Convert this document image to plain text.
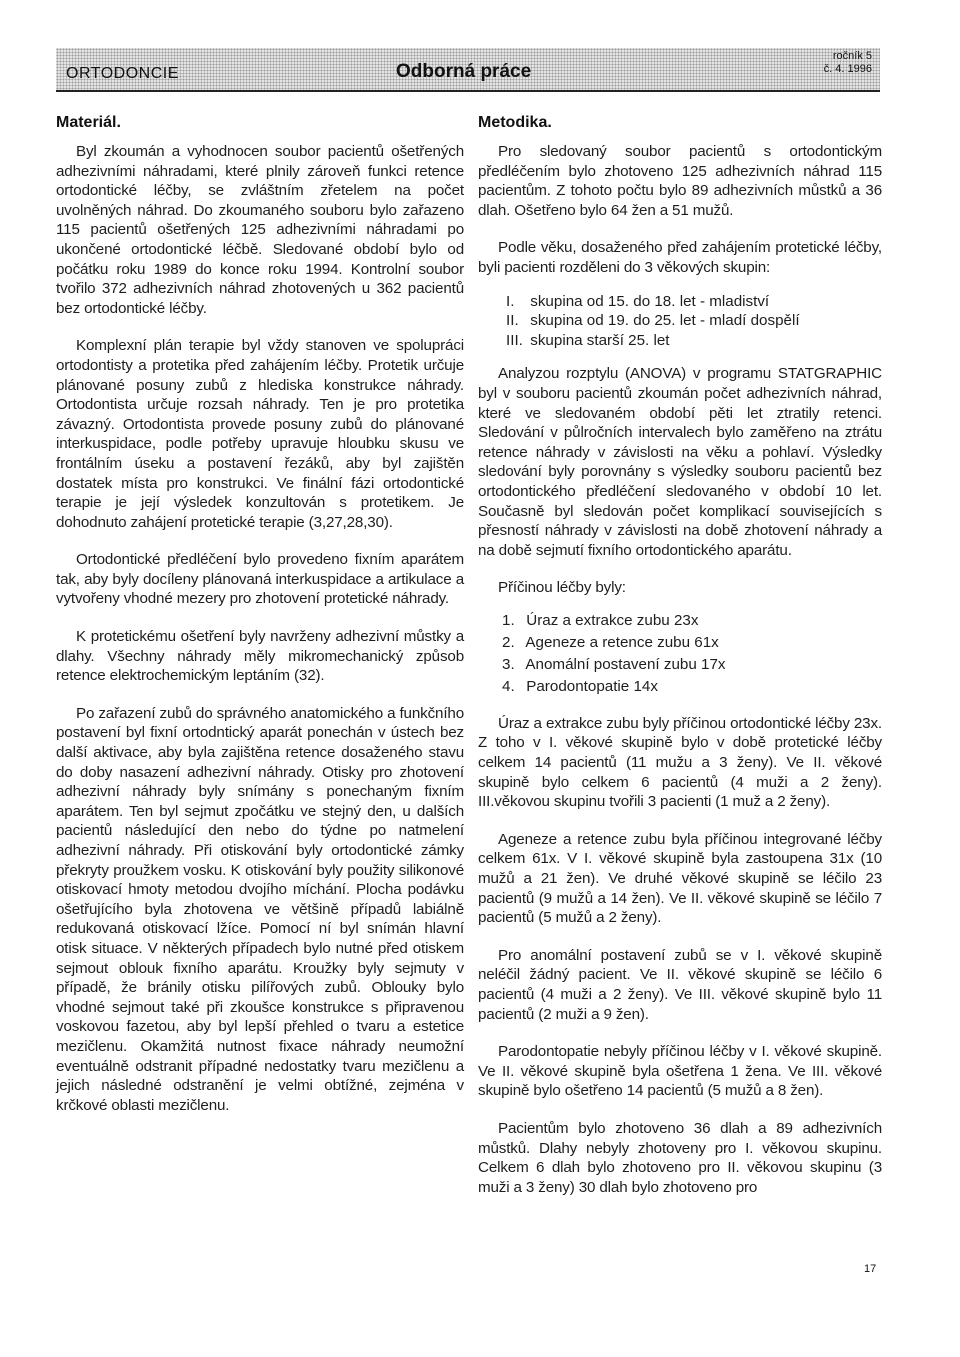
ORTODONCIE	Odborná práce
ročník 5
č. 4. 1996
Materiál.

Byl zkoumán a vyhodnocen soubor pacientů ošetřených adhezivními náhradami, které plnily zároveň funkci retence ortodontické léčby, se zvláštním zřetelem na počet uvolněných náhrad. Do zkoumaného souboru bylo zařazeno 115 pacientů ošetřených 125 adhezivními náhradami po ukončené ortodontické léčbě. Sledované období bylo od počátku roku 1989 do konce roku 1994. Kontrolní soubor tvořilo 372 adhezivních náhrad zhotovených u 362 pacientů bez ortodontické léčby.

Komplexní plán terapie byl vždy stanoven ve spolupráci ortodontisty a protetika před zahájením léčby. Protetik určuje plánované posuny zubů z hlediska konstrukce náhrady. Ortodontista určuje rozsah náhrady. Ten je pro protetika závazný. Ortodontista provede posuny zubů do plánované interkuspidace, podle potřeby upravuje hloubku skusu ve frontálním úseku a postavení řezáků, aby byl zajištěn dostatek místa pro konstrukci. Ve finální fázi ortodontické terapie je její výsledek konzultován s protetikem. Je dohodnuto zahájení protetické terapie (3,27,28,30).

Ortodontické předléčení bylo provedeno fixním aparátem tak, aby byly docíleny plánovaná interkuspidace a artikulace a vytvořeny vhodné mezery pro zhotovení protetické náhrady.

K protetickému ošetření byly navrženy adhezivní můstky a dlahy. Všechny náhrady měly mikromechanický způsob retence elektrochemickým leptáním (32).

Po zařazení zubů do správného anatomického a funkčního postavení byl fixní ortodntický aparát ponechán v ústech bez další aktivace, aby byla zajištěna retence dosaženého stavu do doby nasazení adhezivní náhrady. Otisky pro zhotovení adhezivní náhrady byly snímány s ponechaným fixním aparátem. Ten byl sejmut zpočátku ve stejný den, u dalších pacientů následující den nebo do týdne po natmelení adhezivní náhrady. Při otiskování byly ortodontické zámky překryty proužkem vosku. K otiskování byly použity silikonové otiskovací hmoty metodou dvojího míchání. Plocha podávku ošetřujícího byla zhotovena ve většině případů labiálně redukovaná otiskovací lžíce. Pomocí ní byl snímán hlavní otisk situace. V některých případech bylo nutné před otiskem sejmout oblouk fixního aparátu. Kroužky byly sejmuty v případě, že bránily otisku pilířových zubů. Oblouky bylo vhodné sejmout také při zkoušce konstrukce s připravenou voskovou fazetou, aby byl lepší přehled o tvaru a estetice mezičlenu. Okamžitá nutnost fixace náhrady neumožní eventuálně odstranit případné nedostatky tvaru mezičlenu a jejich následné odstranění je velmi obtížné, zejména v krčkové oblasti mezičlenu.

Metodika.

Pro sledovaný soubor pacientů s ortodontickým předléčením bylo zhotoveno 125 adhezivních náhrad 115 pacientům. Z tohoto počtu bylo 89 adhezivních můstků a 36 dlah. Ošetřeno bylo 64 žen a 51 mužů.

Podle věku, dosaženého před zahájením protetické léčby, byli pacienti rozděleni do 3 věkových skupin:

I. skupina od 15. do 18. let - mladiství
II. skupina od 19. do 25. let - mladí dospělí
III. skupina starší 25. let

Analyzou rozptylu (ANOVA) v programu STATGRAPHIC byl v souboru pacientů zkoumán počet adhezivních náhrad, které ve sledovaném období pěti let ztratily retenci. Sledování v půlročních intervalech bylo zaměřeno na ztrátu retence náhrady v závislosti na věku a pohlaví. Výsledky sledování byly porovnány s výsledky souboru pacientů bez ortodontického předléčení sledovaného v období 10 let. Současně byl sledován počet komplikací souvisejících s přesností náhrady v závislosti na době zhotovení náhrady a na době sejmutí fixního ortodontického aparátu.

Příčinou léčby byly:

1. Úraz a extrakce zubu 23x
2. Ageneze a retence zubu 61x
3. Anomální postavení zubu 17x
4. Parodontopatie 14x

Úraz a extrakce zubu byly příčinou ortodontické léčby 23x. Z toho v I. věkové skupině bylo v době protetické léčby celkem 14 pacientů (11 mužu a 3 ženy). Ve II. věkové skupině bylo celkem 6 pacientů (4 muži a 2 ženy). III.věkovou skupinu tvořili 3 pacienti (1 muž a 2 ženy).

Ageneze a retence zubu byla příčinou integrované léčby celkem 61x. V I. věkové skupině byla zastoupena 31x (10 mužů a 21 žen). Ve druhé věkové skupině se léčilo 23 pacientů (9 mužů a 14 žen). Ve II. věkové skupině se léčilo 7 pacientů (5 mužů a 2 ženy).

Pro anomální postavení zubů se v I. věkové skupině neléčil žádný pacient. Ve II. věkové skupině se léčilo 6 pacientů (4 muži a 2 ženy). Ve III. věkové skupině bylo 11 pacientů (2 muži a 9 žen).

Parodontopatie nebyly příčinou léčby v I. věkové skupině. Ve II. věkové skupině byla ošetřena 1 žena. Ve III. věkové skupině bylo ošetřeno 14 pacientů (5 mužů a 8 žen).

Pacientům bylo zhotoveno 36 dlah a 89 adhezivních můstků. Dlahy nebyly zhotoveny pro I. věkovou skupinu. Celkem 6 dlah bylo zhotoveno pro II. věkovou skupinu (3 muži a 3 ženy) 30 dlah bylo zhotoveno pro

17
